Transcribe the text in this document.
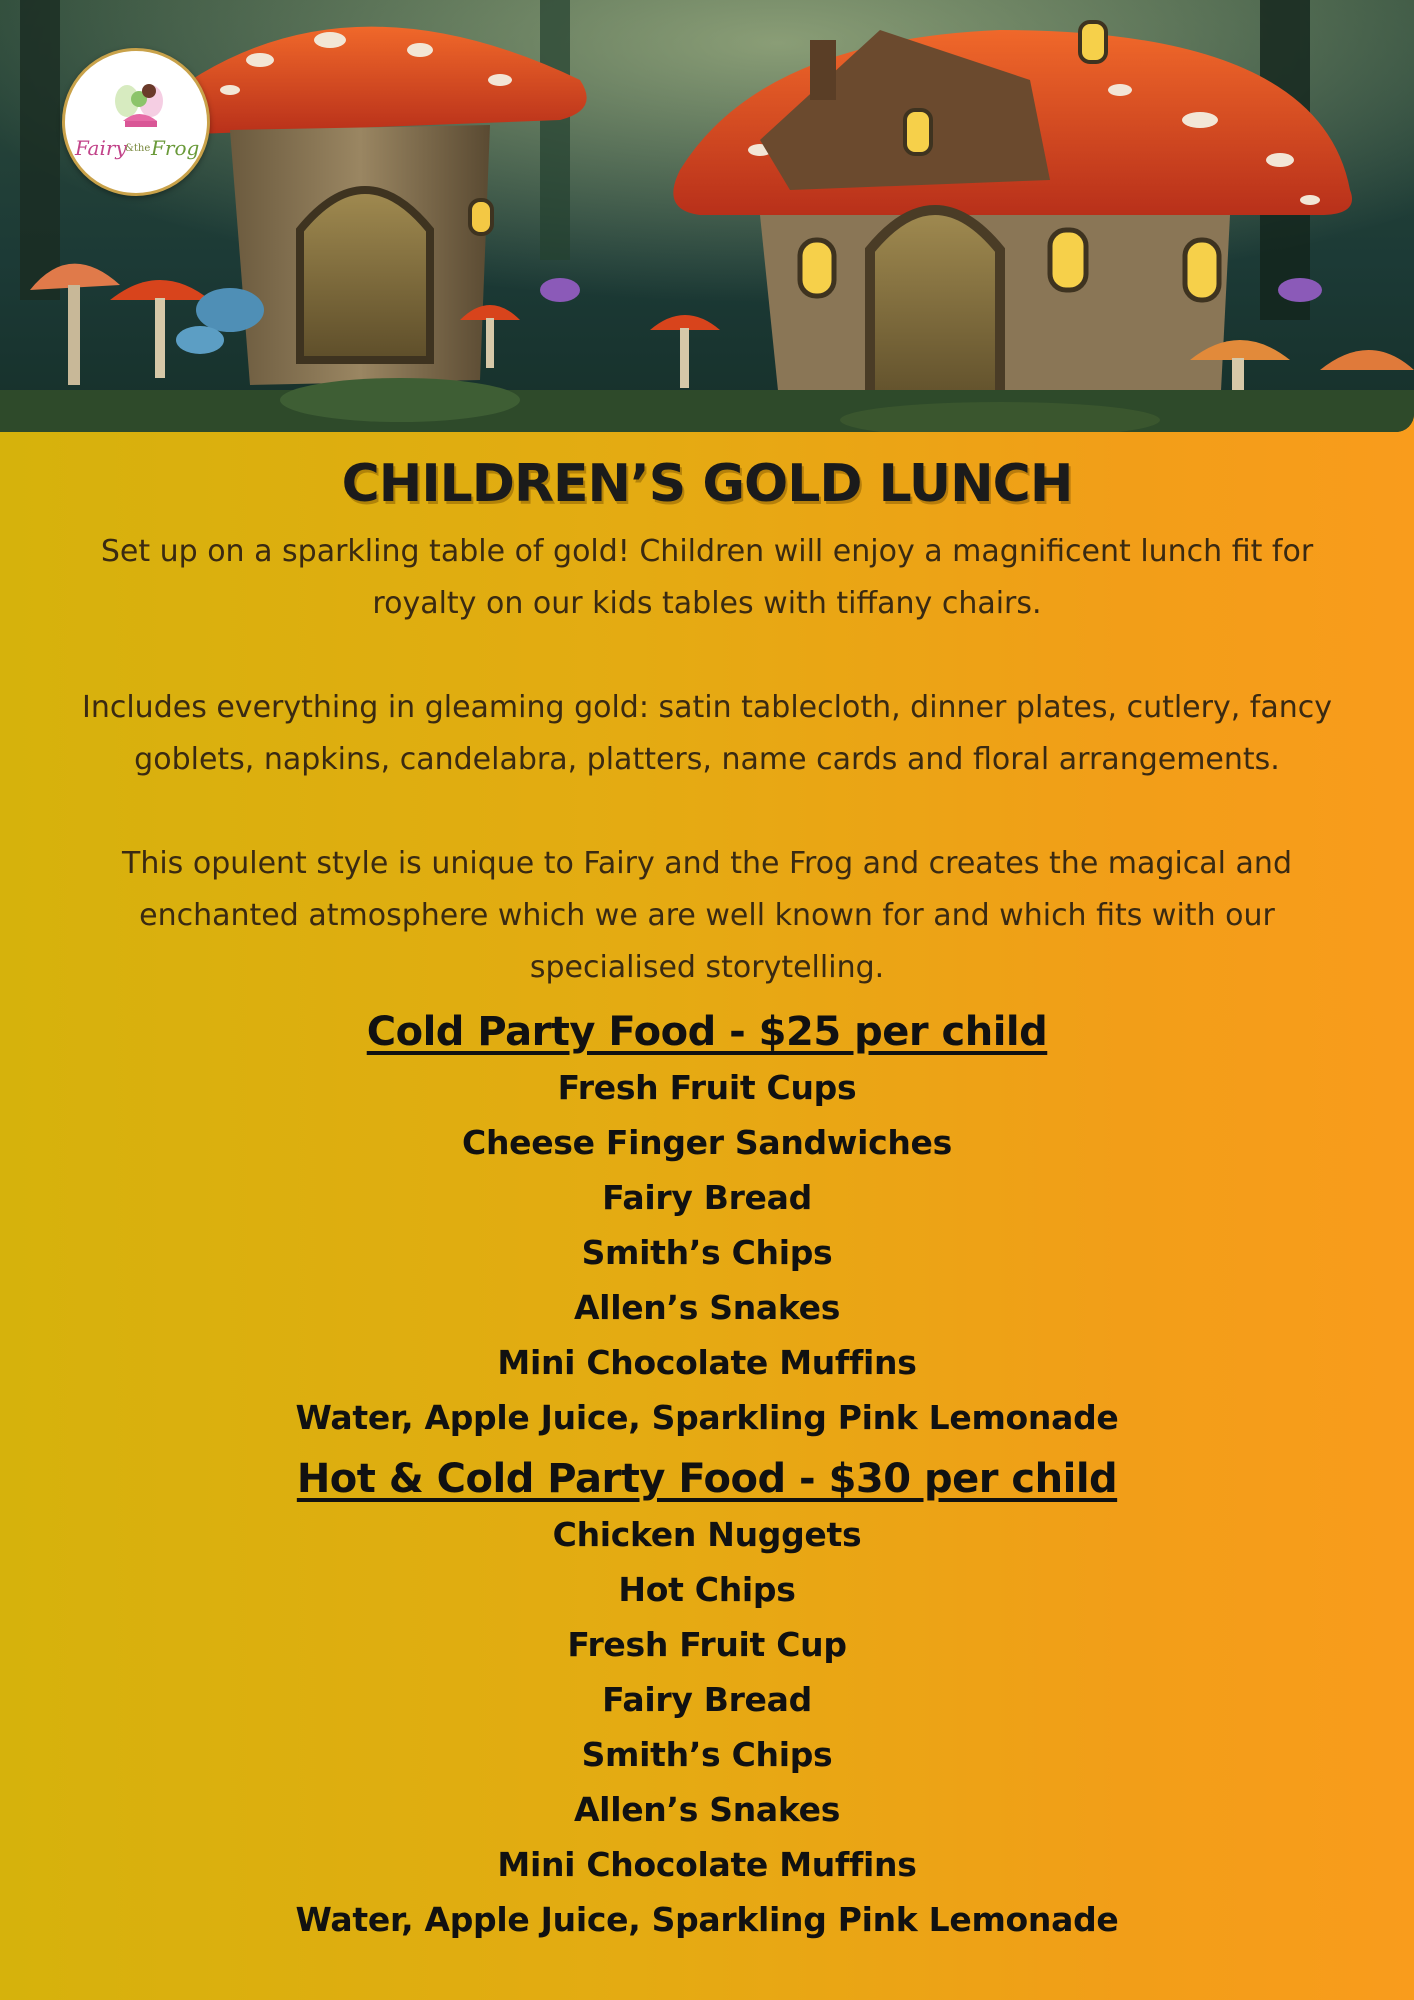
Fairy
&the Frog
CHILDREN’S GOLD LUNCH

Set up on a sparkling table of gold! Children will enjoy a magnificent lunch fit for royalty on our kids tables with tiffany chairs.

Includes everything in gleaming gold: satin tablecloth, dinner plates, cutlery, fancy goblets, napkins, candelabra, platters, name cards and floral arrangements.

This opulent style is unique to Fairy and the Frog and creates the magical and enchanted atmosphere which we are well known for and which fits with our specialised storytelling.

Cold Party Food - $25 per child
Fresh Fruit Cups
Cheese Finger Sandwiches
Fairy Bread
Smith’s Chips
Allen’s Snakes
Mini Chocolate Muffins
Water, Apple Juice, Sparkling Pink Lemonade
Hot & Cold Party Food - $30 per child
Chicken Nuggets
Hot Chips
Fresh Fruit Cup
Fairy Bread
Smith’s Chips
Allen’s Snakes
Mini Chocolate Muffins
Water, Apple Juice, Sparkling Pink Lemonade
